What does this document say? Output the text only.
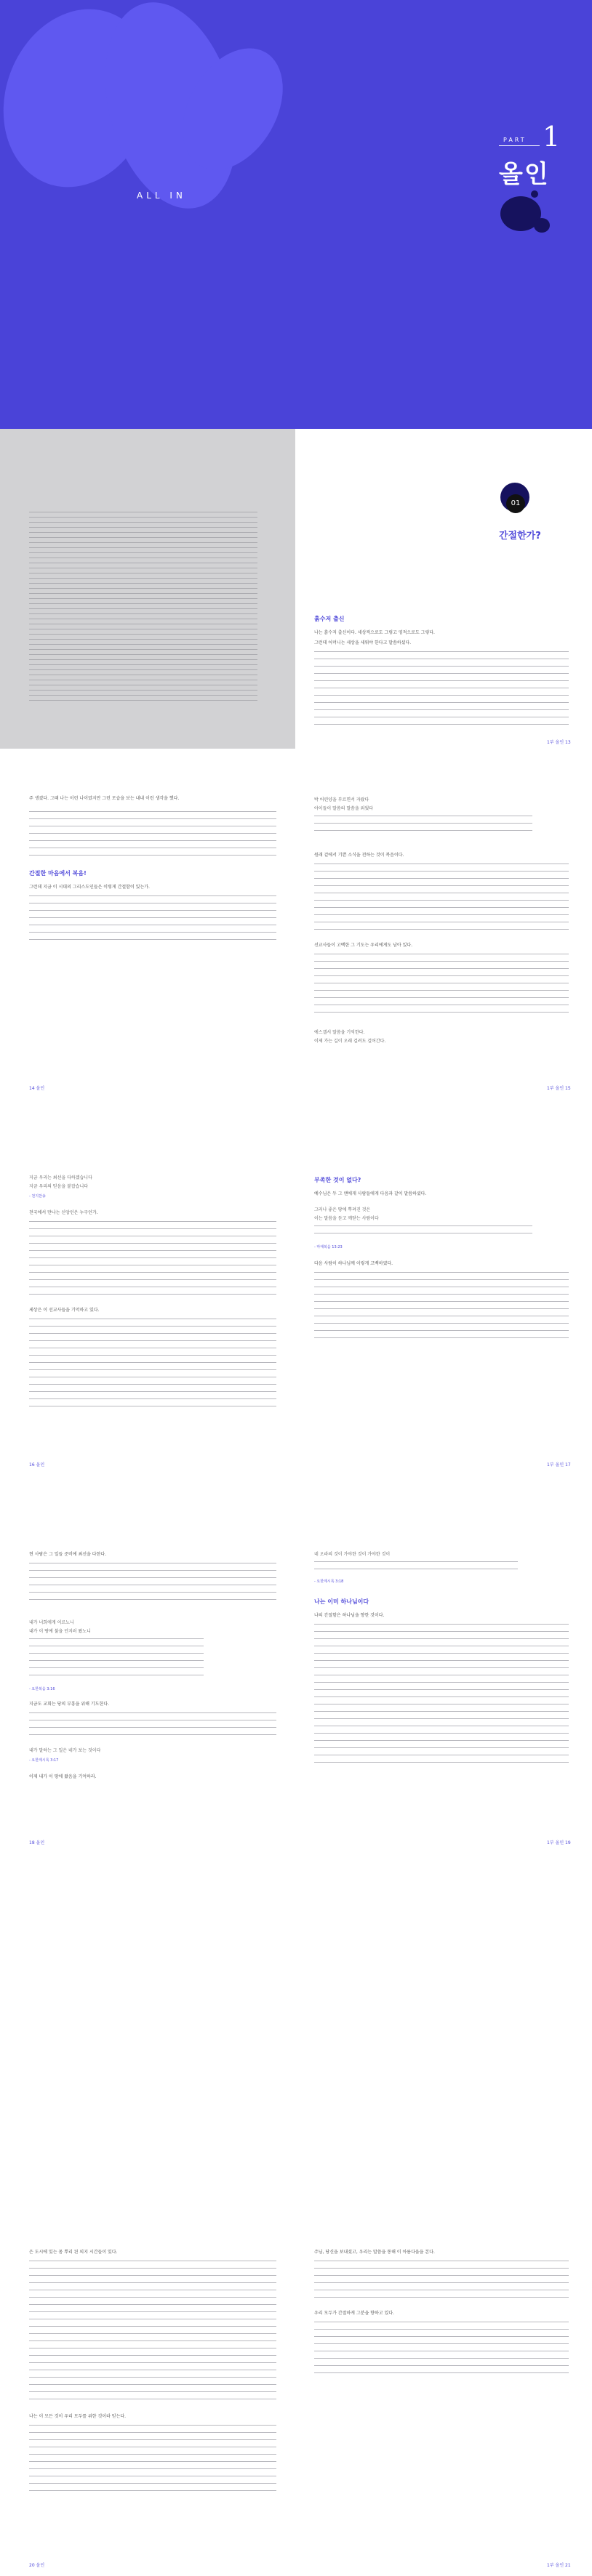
ALL IN
PART 1
올인
01
간절한가?
흙수저 출신

나는 흙수저 출신이다. 세상적으로도 그렇고 영적으로도 그렇다.

그런데 어머니는 세상을 세워야 한다고 말씀하셨다.

1부 올인 13

주 생겼다. 그때 나는 이런 나이였지만 그런 모습을 보는 내내 이런 생각을 했다.

간절한 마음에서 복음!

그런데 지금 이 시대의 그리스도인들은 이렇게 간절함이 있는가.

14 올인
박 어린양을 부르면서 자랐다
아이들이 말씀의 말씀을 외웠다

원래 겉에서 기쁜 소식을 전하는 것이 복음이다.

선교사들이 고백한 그 기도는 우리에게도 남아 있다.

에스겔서 말씀을 기억한다.
이제 가는 길이 오래 걸려도 걸어간다.
1부 올인 15
지금 우리는 최선을 다하겠습니다
지금 우리의 믿음을 붙잡습니다
- 천지찬송

천국에서 만나는 신앙인은 누구인가.

세상은 이 선교사들을 기억하고 있다.

16 올인
부족한 것이 없다?

예수님은 두 그 앤에게 사람들에게 다음과 같이 말씀하셨다.

그러나 좋은 땅에 뿌려진 것은
이는 말씀을 듣고 깨닫는 사람이다
- 마태복음 13:23

다음 사람이 하나님께 이렇게 고백하였다.

1부 올인 17

현 사람은 그 일들 준비에 최선을 다한다.

내가 너희에게 이르노니
내가 이 땅에 불을 던지러 왔노니
- 요한복음 3:16

지금도 교회는 당의 부흥을 위해 기도한다.

내가 말하는 그 일은 네가 보는 것이다
- 요한계시록 3:17

이제 내가 이 땅에 왔음을 기억하라.

18 올인
네 오라의 것이 가야한 것이 가야한 것이
- 요한계시록 3:18
나는 이미 하나님이다

나의 간절함은 하나님을 향한 것이다.

1부 올인 19

은 도시에 있는 몸 뿌리 된 의지 시간들이 있다.

나는 이 모든 것이 우리 모두를 위한 것이라 믿는다.

20 올인

주님, 당신을 보내셨고, 우리는 말씀을 통해 이 아름다움을 본다.

우리 모두가 간절하게 그분을 향하고 있다.

1부 올인 21
